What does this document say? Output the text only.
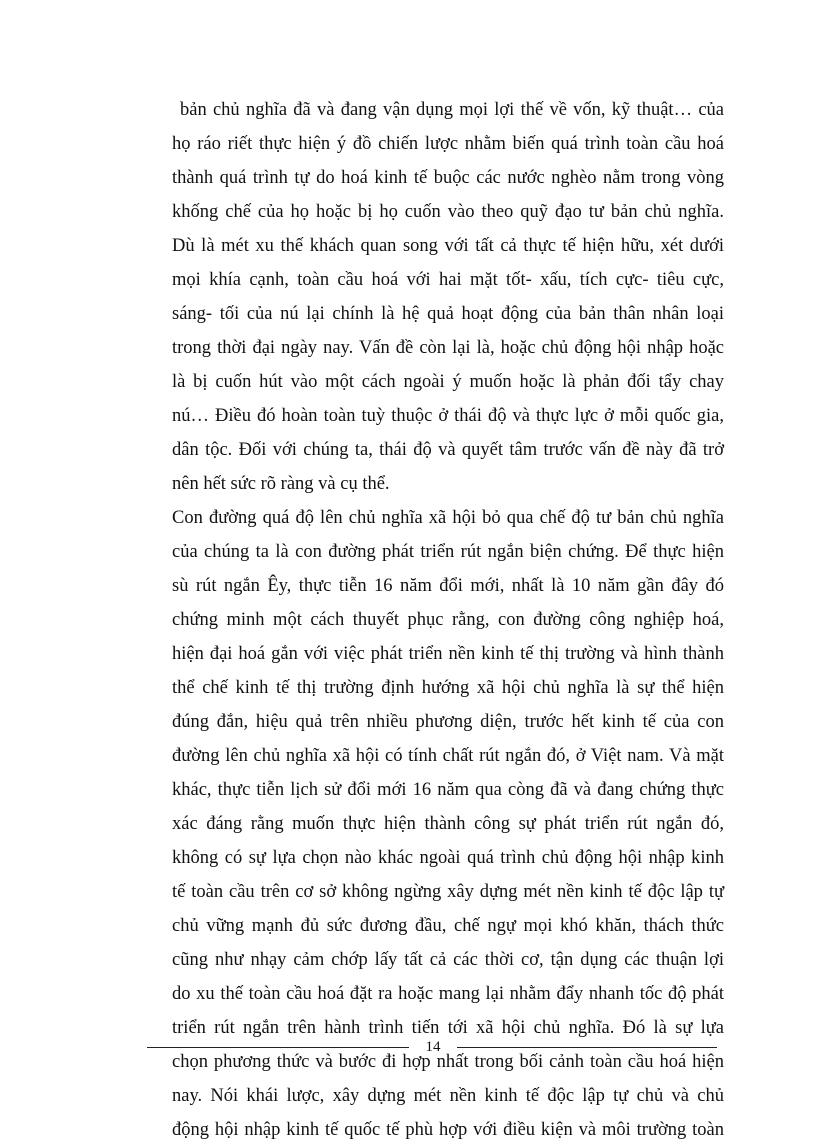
bản chủ nghĩa đã và đang vận dụng mọi lợi thế về vốn, kỹ thuật… của
họ ráo riết thực hiện ý đồ chiến lược nhằm biến quá trình toàn cầu hoá
thành quá trình tự do hoá kinh tế buộc các nước nghèo nằm trong vòng
khống chế của họ hoặc bị họ cuốn vào theo quỹ đạo tư bản chủ nghĩa.
Dù là mét xu thế khách quan song với tất cả thực tế hiện hữu, xét dưới
mọi khía cạnh, toàn cầu hoá với hai mặt tốt- xấu, tích cực- tiêu cực,
sáng- tối của nú lại chính là hệ quả hoạt động của bản thân nhân loại
trong thời đại ngày nay. Vấn đề còn lại là, hoặc chủ động hội nhập hoặc
là bị cuốn hút vào một cách ngoài ý muốn hoặc là phản đối tẩy chay
nú… Điều đó hoàn toàn tuỳ thuộc ở thái độ và thực lực ở mỗi quốc gia,
dân tộc. Đối với chúng ta, thái độ và quyết tâm trước vấn đề này đã trở
nên hết sức rõ ràng và cụ thể.
Con đường quá độ lên chủ nghĩa xã hội bỏ qua chế độ tư bản chủ nghĩa
của chúng ta là con đường phát triển rút ngắn biện chứng. Để thực hiện
sù rút ngắn Êy, thực tiễn 16 năm đổi mới, nhất là 10 năm gần đây đó
chứng minh một cách thuyết phục rằng, con đường công nghiệp hoá,
hiện đại hoá gắn với việc phát triển nền kinh tế thị trường và hình thành
thể chế kinh tế thị trường định hướng xã hội chủ nghĩa là sự thể hiện
đúng đắn, hiệu quả trên nhiều phương diện, trước hết kinh tế của con
đường lên chủ nghĩa xã hội có tính chất rút ngắn đó, ở Việt nam. Và mặt
khác, thực tiễn lịch sử đổi mới 16 năm qua còng đã và đang chứng thực
xác đáng rằng muốn thực hiện thành công sự phát triển rút ngắn đó,
không có sự lựa chọn nào khác ngoài quá trình chủ động hội nhập kinh
tế toàn cầu trên cơ sở không ngừng xây dựng mét nền kinh tế độc lập tự
chủ vững mạnh đủ sức đương đầu, chế ngự mọi khó khăn, thách thức
cũng như nhạy cảm chớp lấy tất cả các thời cơ, tận dụng các thuận lợi
do xu thế toàn cầu hoá đặt ra hoặc mang lại nhằm đẩy nhanh tốc độ phát
triển rút ngắn trên hành trình tiến tới xã hội chủ nghĩa. Đó là sự lựa
chọn phương thức và bước đi hợp nhất trong bối cảnh toàn cầu hoá hiện
nay. Nói khái lược, xây dựng mét nền kinh tế độc lập tự chủ và chủ
động hội nhập kinh tế quốc tế phù hợp với điều kiện và môi trường toàn
14
